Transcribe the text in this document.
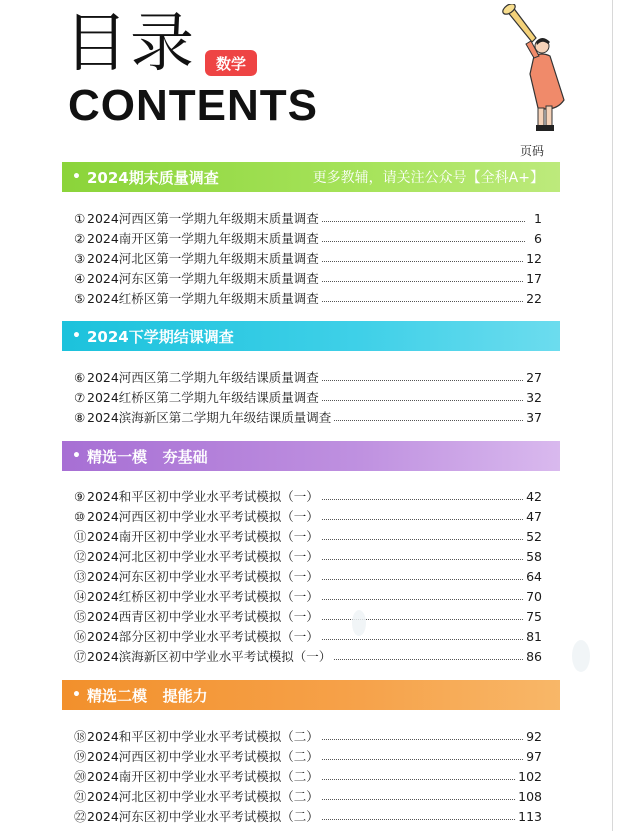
目录	数学
CONTENTS
页码
• 2024期末质量调查	更多教辅，请关注公众号【全科A+】
① 2024河西区第一学期九年级期末质量调查	1
② 2024南开区第一学期九年级期末质量调查	6
③ 2024河北区第一学期九年级期末质量调查	12
④ 2024河东区第一学期九年级期末质量调查	17
⑤ 2024红桥区第一学期九年级期末质量调查	22
• 2024下学期结课调查
⑥ 2024河西区第二学期九年级结课质量调查	27
⑦ 2024红桥区第二学期九年级结课质量调查	32
⑧ 2024滨海新区第二学期九年级结课质量调查	37
• 精选一模   夯基础
⑨ 2024和平区初中学业水平考试模拟（一）	42
⑩ 2024河西区初中学业水平考试模拟（一）	47
⑪ 2024南开区初中学业水平考试模拟（一）	52
⑫ 2024河北区初中学业水平考试模拟（一）	58
⑬ 2024河东区初中学业水平考试模拟（一）	64
⑭ 2024红桥区初中学业水平考试模拟（一）	70
⑮ 2024西青区初中学业水平考试模拟（一）	75
⑯ 2024部分区初中学业水平考试模拟（一）	81
⑰ 2024滨海新区初中学业水平考试模拟（一）	86
• 精选二模   提能力
⑱ 2024和平区初中学业水平考试模拟（二）	92
⑲ 2024河西区初中学业水平考试模拟（二）	97
⑳ 2024南开区初中学业水平考试模拟（二）	102
㉑ 2024河北区初中学业水平考试模拟（二）	108
㉒ 2024河东区初中学业水平考试模拟（二）	113
